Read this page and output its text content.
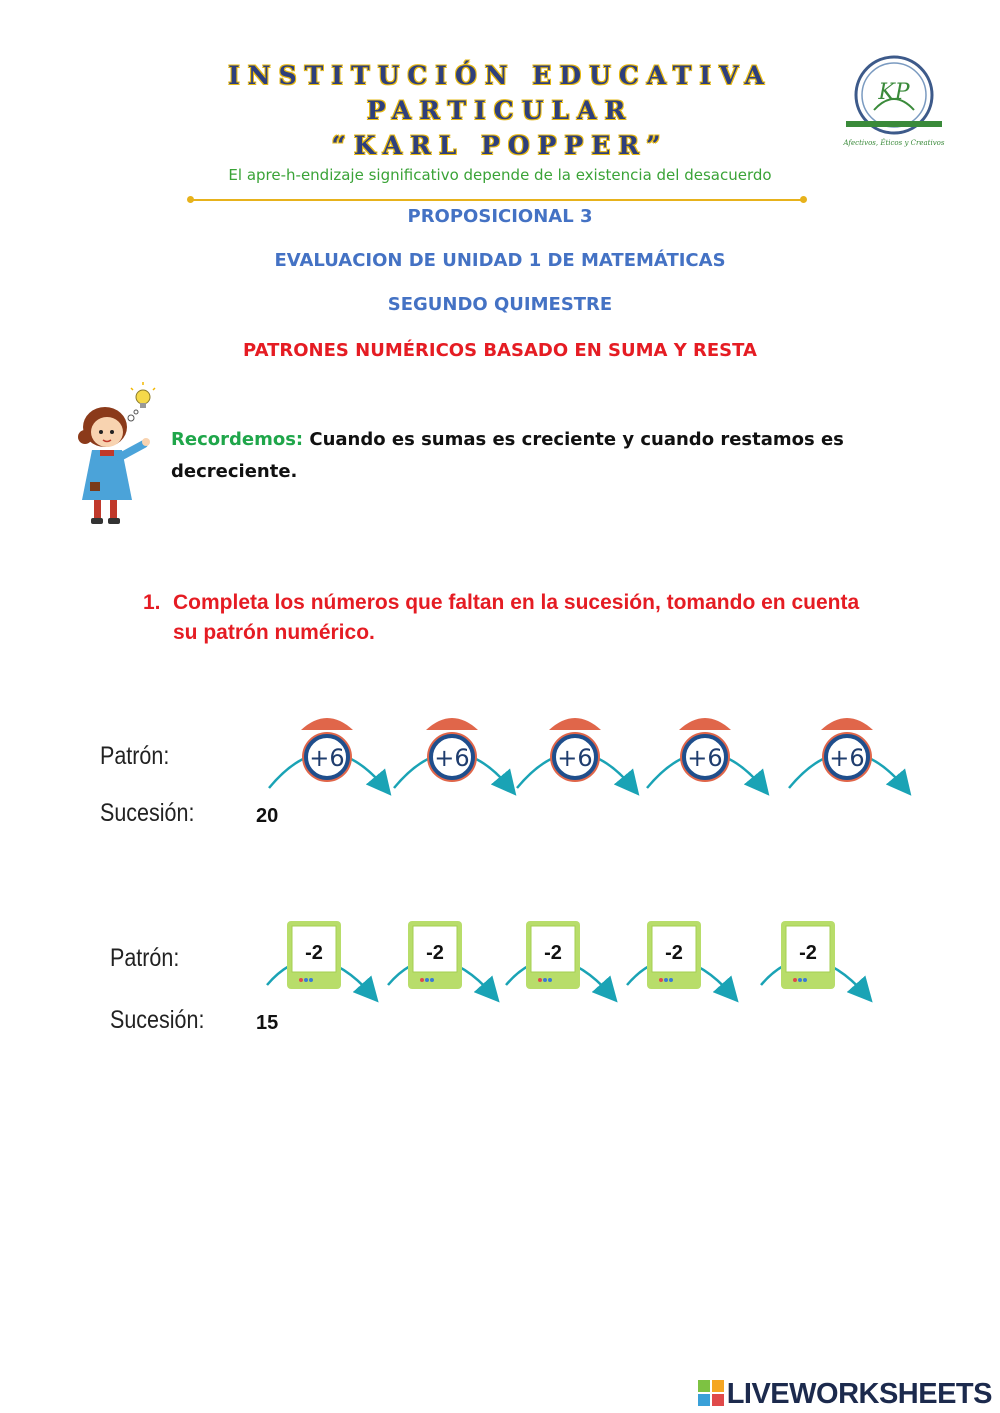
INSTITUCIÓN EDUCATIVA
PARTICULAR
“KARL POPPER”
KP
Afectivos, Éticos y Creativos
El apre-h-endizaje significativo depende de la existencia del desacuerdo
PROPOSICIONAL 3
EVALUACION DE UNIDAD 1 DE MATEMÁTICAS
SEGUNDO QUIMESTRE
PATRONES NUMÉRICOS BASADO EN SUMA Y RESTA
Recordemos: Cuando es sumas es creciente y cuando restamos es decreciente.
1. Completa los números que faltan en la sucesión, tomando en cuenta su patrón numérico.
Patrón:
Sucesión:	20
+6	+6	+6	+6	+6
Patrón:
Sucesión:	15
-2	-2	-2	-2	-2
LIVEWORKSHEETS
